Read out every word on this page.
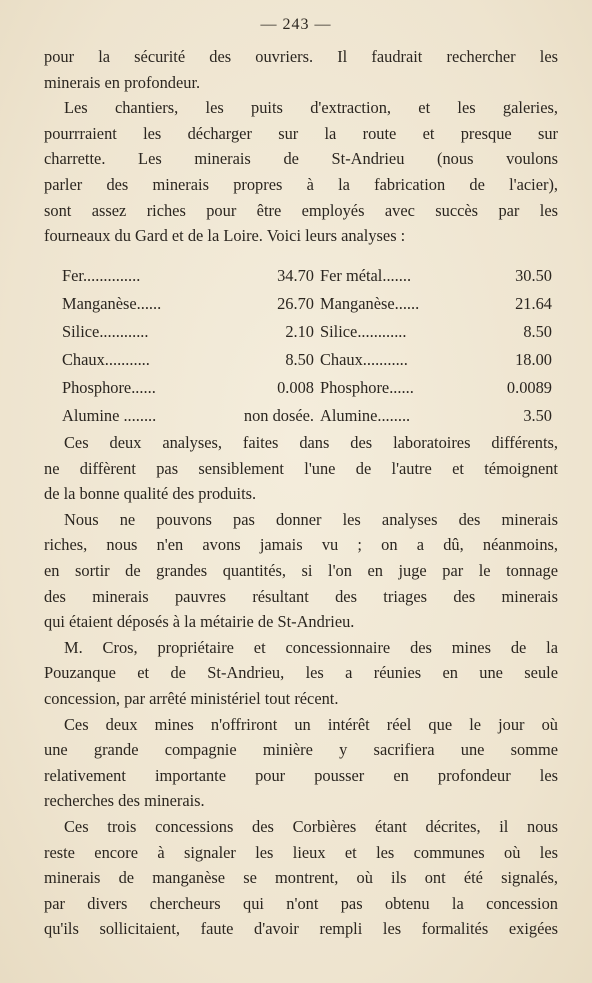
— 243 —
pour la sécurité des ouvriers. Il faudrait rechercher les
minerais en profondeur.
Les chantiers, les puits d'extraction, et les galeries,
pourrraient les décharger sur la route et presque sur
charrette. Les minerais de St-Andrieu (nous voulons
parler des minerais propres à la fabrication de l'acier),
sont assez riches pour être employés avec succès par les
fourneaux du Gard et de la Loire. Voici leurs analyses :
Fer..............	34.70		Fer métal.......	30.50
Manganèse......	26.70		Manganèse......	21.64
Silice............	2.10		Silice............	8.50
Chaux...........	8.50		Chaux...........	18.00
Phosphore......	0.008		Phosphore......	0.0089
Alumine ........	non dosée.		Alumine........	3.50
Ces deux analyses, faites dans des laboratoires différents,
ne diffèrent pas sensiblement l'une de l'autre et témoignent
de la bonne qualité des produits.
Nous ne pouvons pas donner les analyses des minerais
riches, nous n'en avons jamais vu ; on a dû, néanmoins,
en sortir de grandes quantités, si l'on en juge par le tonnage
des minerais pauvres résultant des triages des minerais
qui étaient déposés à la métairie de St-Andrieu.
M. Cros, propriétaire et concessionnaire des mines de la
Pouzanque et de St-Andrieu, les a réunies en une seule
concession, par arrêté ministériel tout récent.
Ces deux mines n'offriront un intérêt réel que le jour où
une grande compagnie minière y sacrifiera une somme
relativement importante pour pousser en profondeur les
recherches des minerais.
Ces trois concessions des Corbières étant décrites, il nous
reste encore à signaler les lieux et les communes où les
minerais de manganèse se montrent, où ils ont été signalés,
par divers chercheurs qui n'ont pas obtenu la concession
qu'ils sollicitaient, faute d'avoir rempli les formalités exigées
